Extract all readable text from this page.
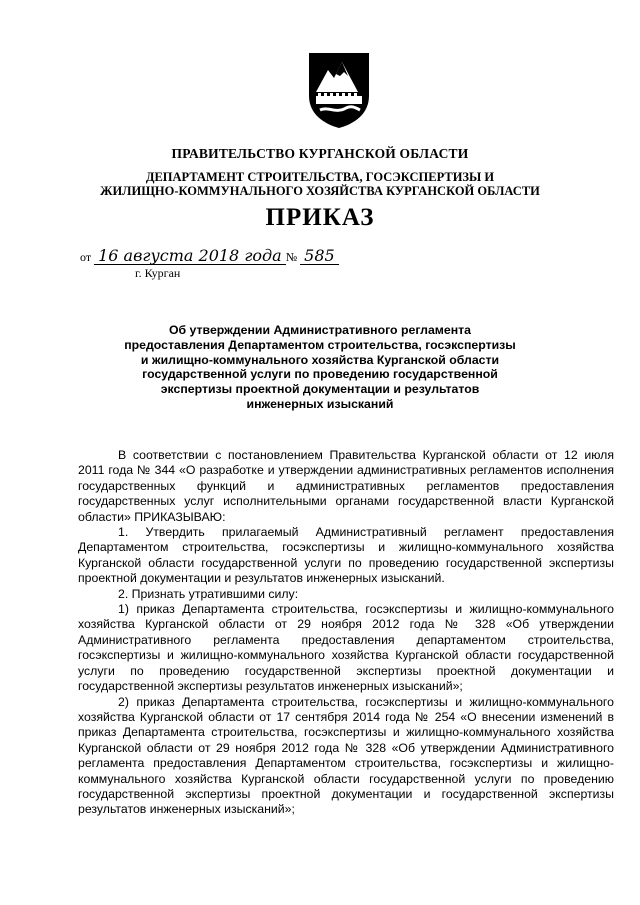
ПРАВИТЕЛЬСТВО КУРГАНСКОЙ ОБЛАСТИ
ДЕПАРТАМЕНТ СТРОИТЕЛЬСТВА, ГОСЭКСПЕРТИЗЫ И
ЖИЛИЩНО-КОММУНАЛЬНОГО ХОЗЯЙСТВА КУРГАНСКОЙ ОБЛАСТИ
ПРИКАЗ
от 16 августа 2018 года № 585
г. Курган
Об утверждении Административного регламента
предоставления Департаментом строительства, госэкспертизы
и жилищно-коммунального хозяйства Курганской области
государственной услуги по проведению государственной
экспертизы проектной документации и результатов
инженерных изысканий

В соответствии с постановлением Правительства Курганской области от 12 июля 2011 года № 344 «О разработке и утверждении административных регламентов исполнения государственных функций и административных регламентов предоставления государственных услуг исполнительными органами государственной власти Курганской области» ПРИКАЗЫВАЮ:

1. Утвердить прилагаемый Административный регламент предоставления Департаментом строительства, госэкспертизы и жилищно-коммунального хозяйства Курганской области государственной услуги по проведению государственной экспертизы проектной документации и результатов инженерных изысканий.

2. Признать утратившими силу:

1) приказ Департамента строительства, госэкспертизы и жилищно-коммунального хозяйства Курганской области от 29 ноября 2012 года № 328 «Об утверждении Административного регламента предоставления департаментом строительства, госэкспертизы и жилищно-коммунального хозяйства Курганской области государственной услуги по проведению государственной экспертизы проектной документации и государственной экспертизы результатов инженерных изысканий»;

2) приказ Департамента строительства, госэкспертизы и жилищно-коммунального хозяйства Курганской области от 17 сентября 2014 года № 254 «О внесении изменений в приказ Департамента строительства, госэкспертизы и жилищно-коммунального хозяйства Курганской области от 29 ноября 2012 года № 328 «Об утверждении Административного регламента предоставления Департаментом строительства, госэкспертизы и жилищно-коммунального хозяйства Курганской области государственной услуги по проведению государственной экспертизы проектной документации и государственной экспертизы результатов инженерных изысканий»;
